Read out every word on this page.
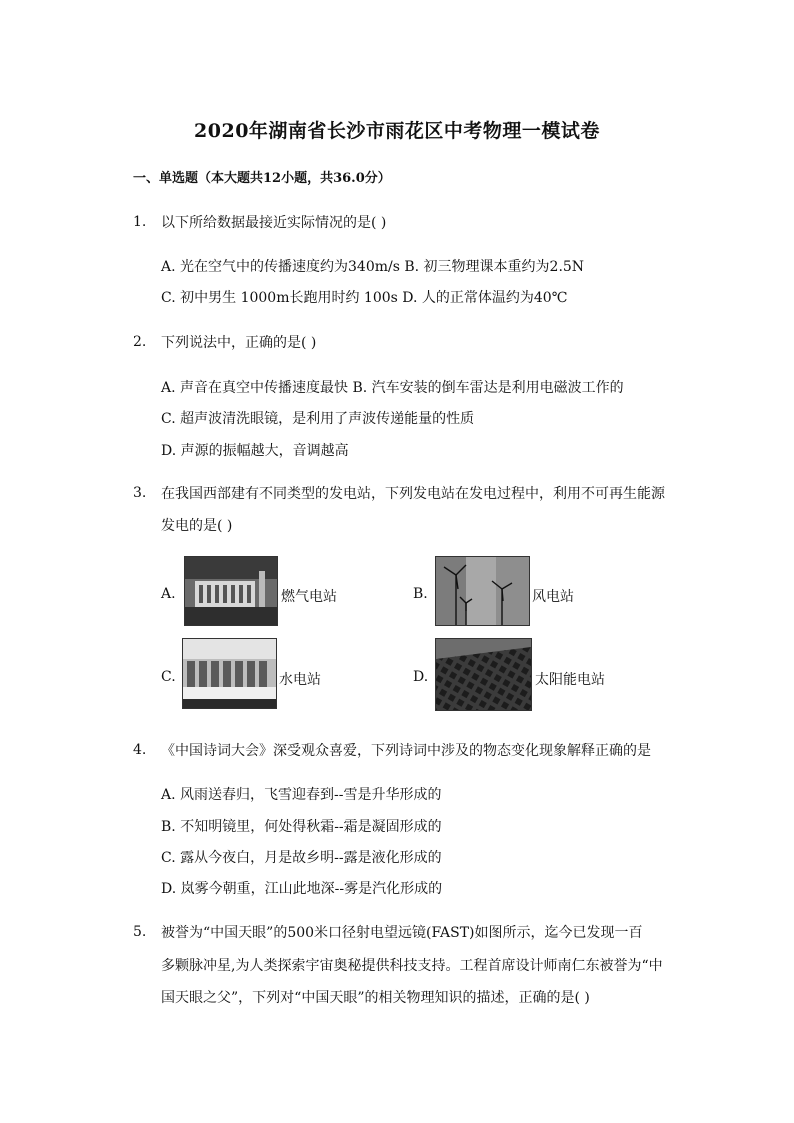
2020年湖南省长沙市雨花区中考物理一模试卷
一、单选题（本大题共12小题，共36.0分）
1. 以下所给数据最接近实际情况的是( )
A. 光在空气中的传播速度约为340m/s B. 初三物理课本重约为2.5N
C. 初中男生 1000m长跑用时约 100s D. 人的正常体温约为40℃
2. 下列说法中，正确的是( )
A. 声音在真空中传播速度最快 B. 汽车安装的倒车雷达是利用电磁波工作的
C. 超声波清洗眼镜，是利用了声波传递能量的性质
D. 声源的振幅越大，音调越高
3. 在我国西部建有不同类型的发电站，下列发电站在发电过程中，利用不可再生能源
发电的是( )
A.	燃气电站	B.	风电站
C.	水电站	D.	太阳能电站
4. 《中国诗词大会》深受观众喜爱，下列诗词中涉及的物态变化现象解释正确的是
A. 风雨送春归，飞雪迎春到--雪是升华形成的
B. 不知明镜里，何处得秋霜--霜是凝固形成的
C. 露从今夜白，月是故乡明--露是液化形成的
D. 岚雾今朝重，江山此地深--雾是汽化形成的
5. 被誉为“中国天眼”的500米口径射电望远镜(FAST)如图所示，迄今已发现一百
多颗脉冲星,为人类探索宇宙奥秘提供科技支持。工程首席设计师南仁东被誉为“中
国天眼之父”，下列对“中国天眼”的相关物理知识的描述，正确的是( )
